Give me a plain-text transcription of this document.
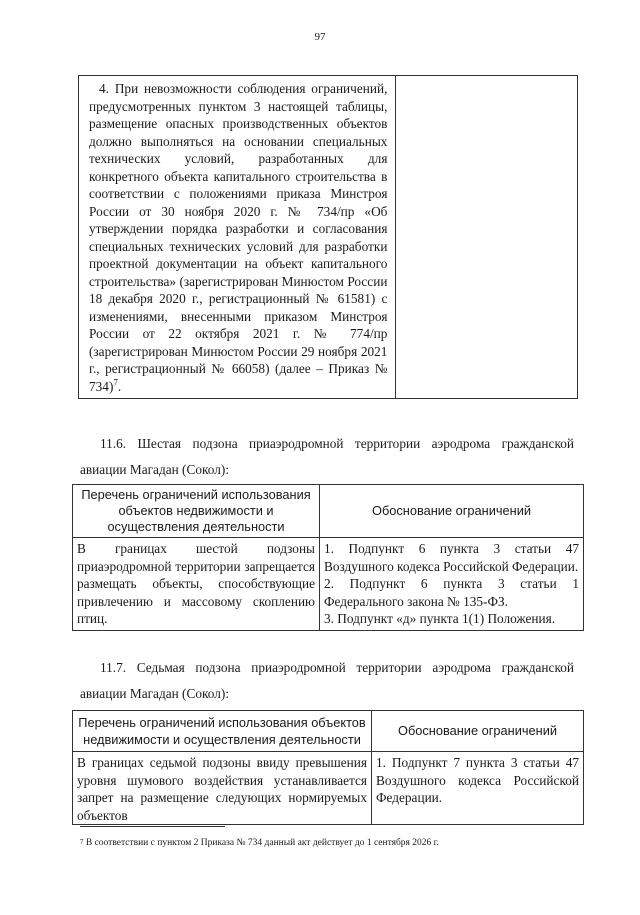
97
4. При невозможности соблюдения ограничений, предусмотренных пунктом 3 настоящей таблицы, размещение опасных производственных объектов должно выполняться на основании специальных технических условий, разработанных для конкретного объекта капитального строительства в соответствии с положениями приказа Минстроя России от 30 ноября 2020 г. № 734/пр «Об утверждении порядка разработки и согласования специальных технических условий для разработки проектной документации на объект капитального строительства» (зарегистрирован Минюстом России 18 декабря 2020 г., регистрационный № 61581) с изменениями, внесенными приказом Минстроя России от 22 октября 2021 г. № 774/пр (зарегистрирован Минюстом России 29 ноября 2021 г., регистрационный № 66058) (далее – Приказ № 734)$^7$.

11.6. Шестая подзона приаэродромной территории аэродрома гражданской авиации Магадан (Сокол):
Перечень ограничений использования объектов недвижимости и осуществления деятельности	Обоснование ограничений
В границах шестой подзоны приаэродромной территории запрещается размещать объекты, способствующие привлечению и массовому скоплению птиц.	1. Подпункт 6 пункта 3 статьи 47 Воздушного кодекса Российской Федерации.
2. Подпункт 6 пункта 3 статьи 1 Федерального закона № 135-ФЗ.
3. Подпункт «д» пункта 1(1) Положения.
11.7. Седьмая подзона приаэродромной территории аэродрома гражданской авиации Магадан (Сокол):
Перечень ограничений использования объектов недвижимости и осуществления деятельности	Обоснование ограничений

В границах седьмой подзоны ввиду превышения уровня шумового воздействия устанавливается запрет на размещение следующих нормируемых объектов	1. Подпункт 7 пункта 3 статьи 47 Воздушного кодекса Российской Федерации.
$^7$ В соответствии с пунктом 2 Приказа № 734 данный акт действует до 1 сентября 2026 г.
